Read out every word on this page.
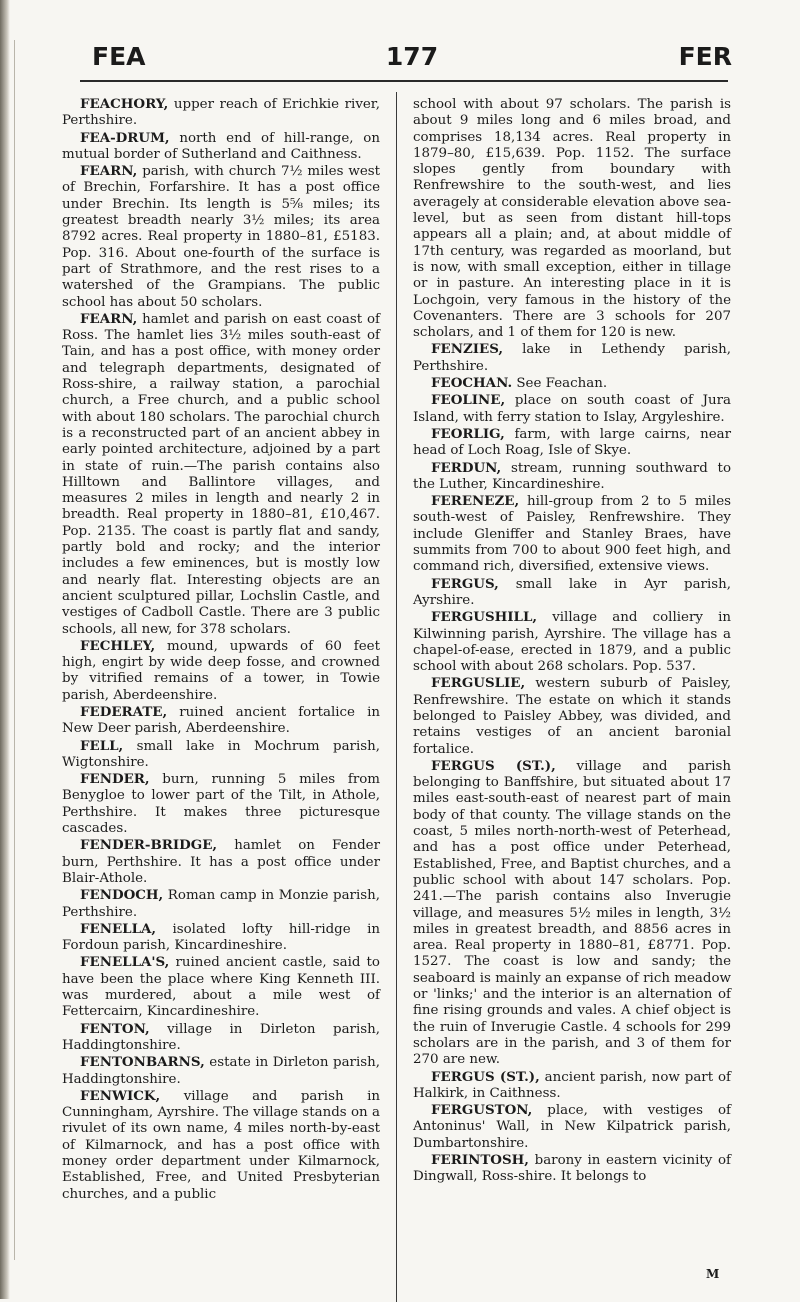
FEA	177	FER

FEACHORY, upper reach of Erichkie river, Perthshire.

FEA-DRUM, north end of hill-range, on mutual border of Sutherland and Caithness.

FEARN, parish, with church 7½ miles west of Brechin, Forfarshire. It has a post office under Brechin. Its length is 5⅝ miles; its greatest breadth nearly 3½ miles; its area 8792 acres. Real property in 1880–81, £5183. Pop. 316. About one-fourth of the surface is part of Strathmore, and the rest rises to a watershed of the Grampians. The public school has about 50 scholars.

FEARN, hamlet and parish on east coast of Ross. The hamlet lies 3½ miles south-east of Tain, and has a post office, with money order and telegraph departments, designated of Ross-shire, a railway station, a parochial church, a Free church, and a public school with about 180 scholars. The parochial church is a reconstructed part of an ancient abbey in early pointed architecture, adjoined by a part in state of ruin.—The parish contains also Hilltown and Ballintore villages, and measures 2 miles in length and nearly 2 in breadth. Real property in 1880–81, £10,467. Pop. 2135. The coast is partly flat and sandy, partly bold and rocky; and the interior includes a few eminences, but is mostly low and nearly flat. Interesting objects are an ancient sculptured pillar, Lochslin Castle, and vestiges of Cadboll Castle. There are 3 public schools, all new, for 378 scholars.

FECHLEY, mound, upwards of 60 feet high, engirt by wide deep fosse, and crowned by vitrified remains of a tower, in Towie parish, Aberdeenshire.

FEDERATE, ruined ancient fortalice in New Deer parish, Aberdeenshire.

FELL, small lake in Mochrum parish, Wigtonshire.

FENDER, burn, running 5 miles from Benygloe to lower part of the Tilt, in Athole, Perthshire. It makes three picturesque cascades.

FENDER-BRIDGE, hamlet on Fender burn, Perthshire. It has a post office under Blair-Athole.

FENDOCH, Roman camp in Monzie parish, Perthshire.

FENELLA, isolated lofty hill-ridge in Fordoun parish, Kincardineshire.

FENELLA'S, ruined ancient castle, said to have been the place where King Kenneth III. was murdered, about a mile west of Fettercairn, Kincardineshire.

FENTON, village in Dirleton parish, Haddingtonshire.

FENTONBARNS, estate in Dirleton parish, Haddingtonshire.

FENWICK, village and parish in Cunningham, Ayrshire. The village stands on a rivulet of its own name, 4 miles north-by-east of Kilmarnock, and has a post office with money order department under Kilmarnock, Established, Free, and United Presbyterian churches, and a public

school with about 97 scholars. The parish is about 9 miles long and 6 miles broad, and comprises 18,134 acres. Real property in 1879–80, £15,639. Pop. 1152. The surface slopes gently from boundary with Renfrewshire to the south-west, and lies averagely at considerable elevation above sea-level, but as seen from distant hill-tops appears all a plain; and, at about middle of 17th century, was regarded as moorland, but is now, with small exception, either in tillage or in pasture. An interesting place in it is Lochgoin, very famous in the history of the Covenanters. There are 3 schools for 207 scholars, and 1 of them for 120 is new.

FENZIES, lake in Lethendy parish, Perthshire.

FEOCHAN. See Feachan.

FEOLINE, place on south coast of Jura Island, with ferry station to Islay, Argyleshire.

FEORLIG, farm, with large cairns, near head of Loch Roag, Isle of Skye.

FERDUN, stream, running southward to the Luther, Kincardineshire.

FERENEZE, hill-group from 2 to 5 miles south-west of Paisley, Renfrewshire. They include Gleniffer and Stanley Braes, have summits from 700 to about 900 feet high, and command rich, diversified, extensive views.

FERGUS, small lake in Ayr parish, Ayrshire.

FERGUSHILL, village and colliery in Kilwinning parish, Ayrshire. The village has a chapel-of-ease, erected in 1879, and a public school with about 268 scholars. Pop. 537.

FERGUSLIE, western suburb of Paisley, Renfrewshire. The estate on which it stands belonged to Paisley Abbey, was divided, and retains vestiges of an ancient baronial fortalice.

FERGUS (ST.), village and parish belonging to Banffshire, but situated about 17 miles east-south-east of nearest part of main body of that county. The village stands on the coast, 5 miles north-north-west of Peterhead, and has a post office under Peterhead, Established, Free, and Baptist churches, and a public school with about 147 scholars. Pop. 241.—The parish contains also Inverugie village, and measures 5½ miles in length, 3½ miles in greatest breadth, and 8856 acres in area. Real property in 1880–81, £8771. Pop. 1527. The coast is low and sandy; the seaboard is mainly an expanse of rich meadow or 'links;' and the interior is an alternation of fine rising grounds and vales. A chief object is the ruin of Inverugie Castle. 4 schools for 299 scholars are in the parish, and 3 of them for 270 are new.

FERGUS (ST.), ancient parish, now part of Halkirk, in Caithness.

FERGUSTON, place, with vestiges of Antoninus' Wall, in New Kilpatrick parish, Dumbartonshire.

FERINTOSH, barony in eastern vicinity of Dingwall, Ross-shire. It belongs to

M
